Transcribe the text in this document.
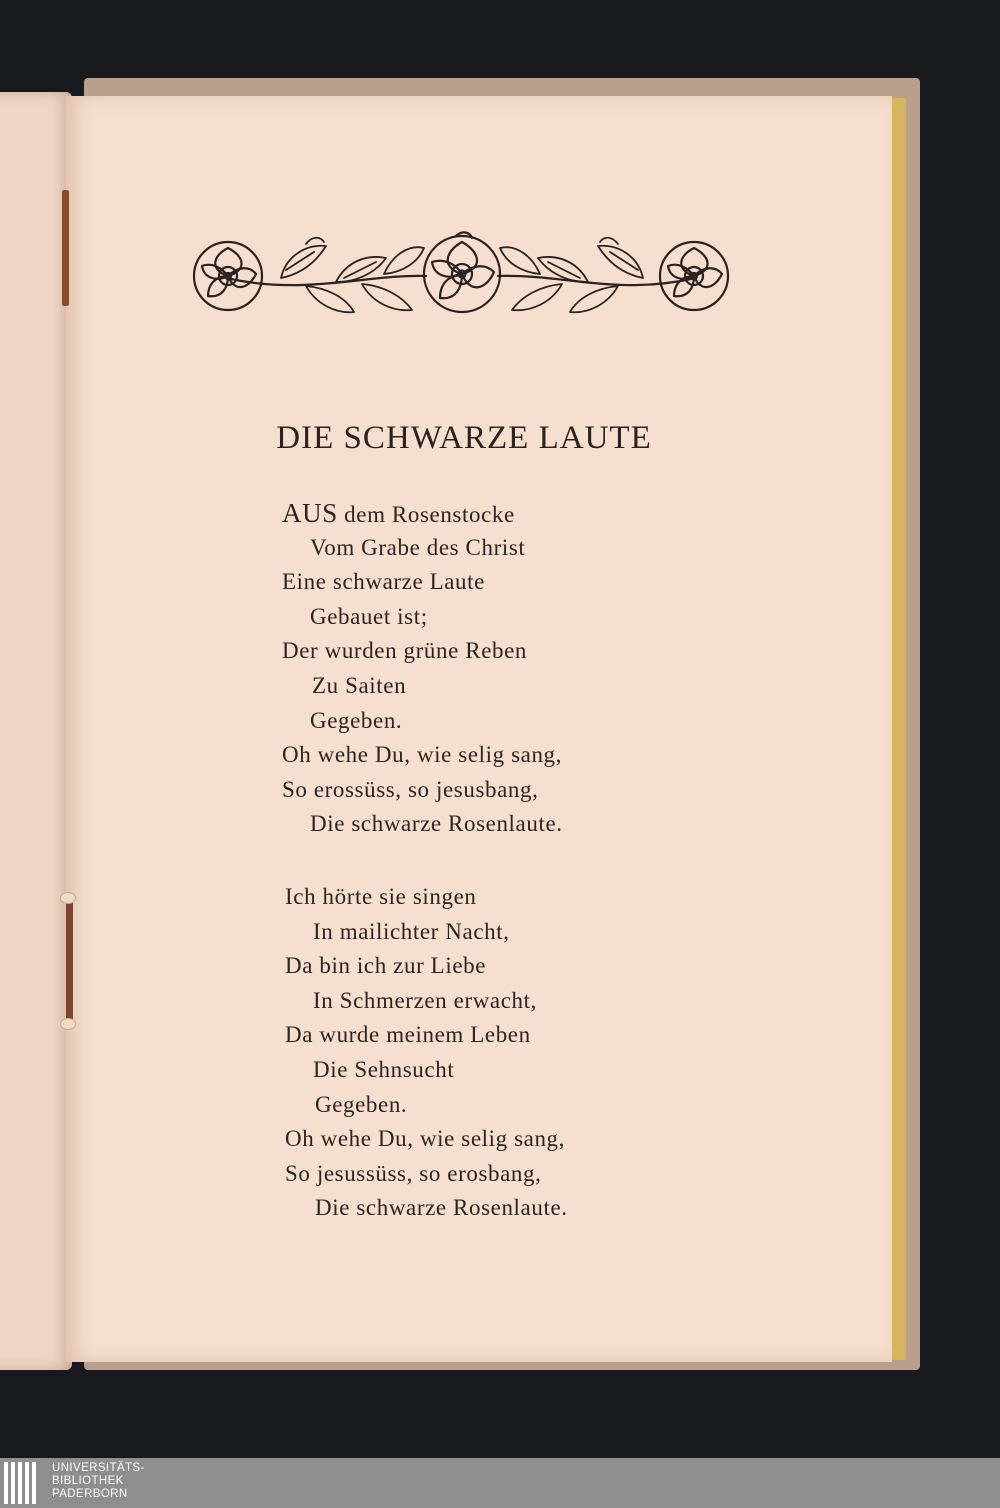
DIE SCHWARZE LAUTE
AUS dem Rosenstocke
Vom Grabe des Christ
Eine schwarze Laute
Gebauet ist;
Der wurden grüne Reben
Zu Saiten
Gegeben.
Oh wehe Du, wie selig sang,
So erossüss, so jesusbang,
Die schwarze Rosenlaute.
Ich hörte sie singen
In mailichter Nacht,
Da bin ich zur Liebe
In Schmerzen erwacht,
Da wurde meinem Leben
Die Sehnsucht
Gegeben.
Oh wehe Du, wie selig sang,
So jesussüss, so erosbang,
Die schwarze Rosenlaute.
UNIVERSITÄTS-
BIBLIOTHEK
PADERBORN
